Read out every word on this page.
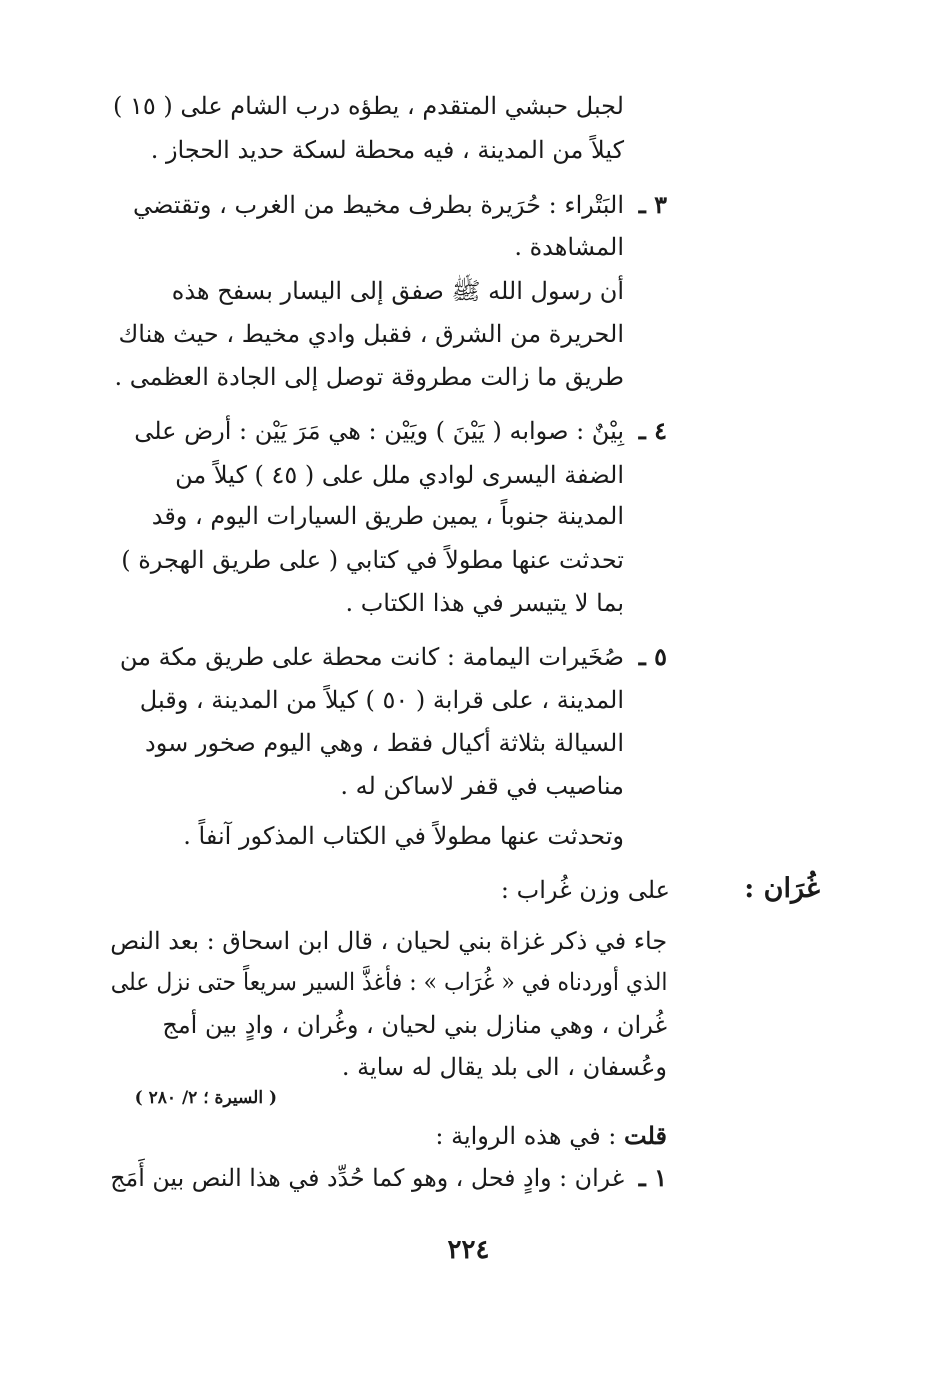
لجبل حبشي المتقدم ، يطؤه درب الشام على ( ١٥ )
كيلاً من المدينة ، فيه محطة لسكة حديد الحجاز .
٣ ـ
البَتْراء : حُرَيرة بطرف مخيط من الغرب ، وتقتضي
المشاهدة .
أن رسول الله ﷺ صفق إلى اليسار بسفح هذه
الحريرة من الشرق ، فقبل وادي مخيط ، حيث هناك
طريق ما زالت مطروقة توصل إلى الجادة العظمى .
٤ ـ
بِيْنٌ : صوابه ( يَيْنَ ) ويَيْن : هي مَرَ يَيْن : أرض على
الضفة اليسرى لوادي ملل على ( ٤٥ ) كيلاً من
المدينة جنوباً ، يمين طريق السيارات اليوم ، وقد
تحدثت عنها مطولاً في كتابي ( على طريق الهجرة )
بما لا يتيسر في هذا الكتاب .
٥ ـ
صُخَيرات اليمامة : كانت محطة على طريق مكة من
المدينة ، على قرابة ( ٥٠ ) كيلاً من المدينة ، وقبل
السيالة بثلاثة أكيال فقط ، وهي اليوم صخور سود
مناصيب في قفر لاساكن له .
وتحدثت عنها مطولاً في الكتاب المذكور آنفاً .
غُرَان :
على وزن غُراب :
جاء في ذكر غزاة بني لحيان ، قال ابن اسحاق : بعد النص
الذي أوردناه في « غُرَاب » : فأغذَّ السير سريعاً حتى نزل على
غُران ، وهي منازل بني لحيان ، وغُران ، وادٍ بين أمج
وعُسفان ، الى بلد يقال له ساية .
( السيرة ؛ ٢/ ٢٨٠ )
قلت : في هذه الرواية :
١ ـ
غران : وادٍ فحل ، وهو كما حُدِّد في هذا النص بين أَمَج
٢٢٤
